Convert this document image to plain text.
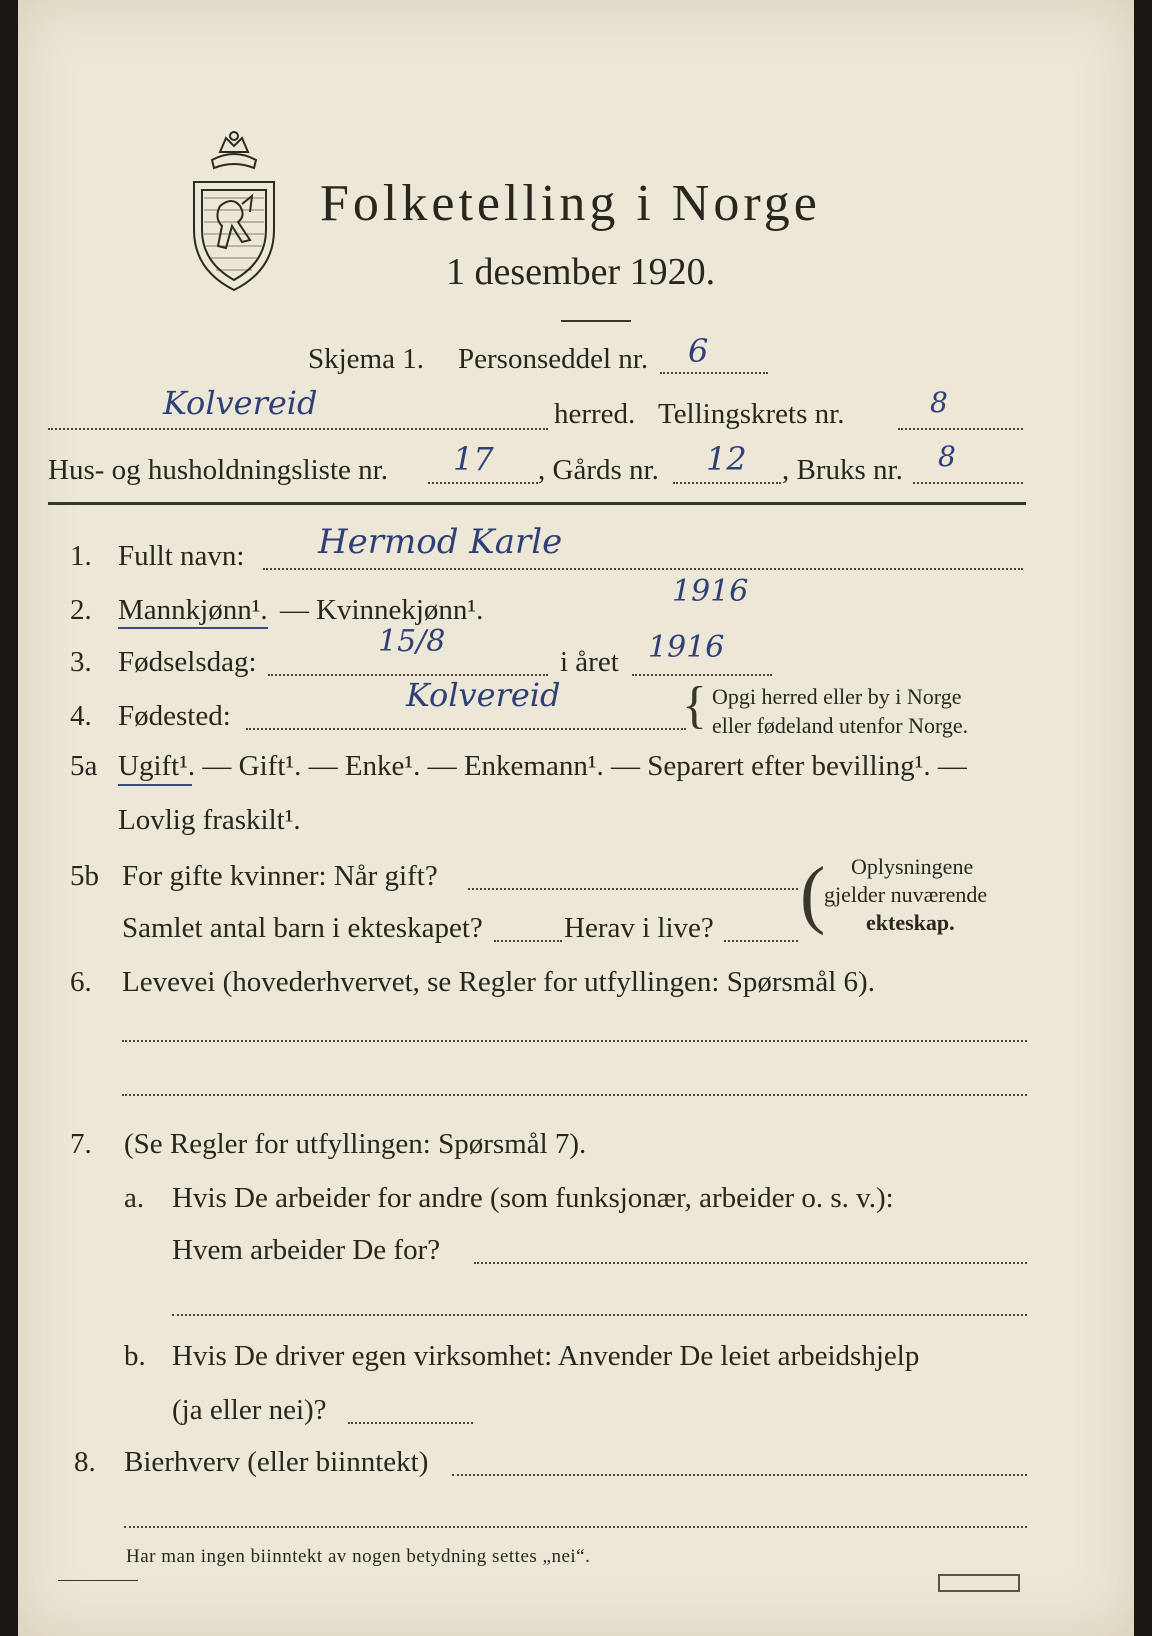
Folketelling i Norge
1 desember 1920.
Skjema 1. Personseddel nr. 6
Kolvereid	herred. Tellingskrets nr.	8
Hus- og husholdningsliste nr. 17 , Gårds nr. 12 , Bruks nr. 8
1. Fullt navn: Hermod Karle
2. Mannkjønn¹. — Kvinnekjønn¹.
1916
3. Fødselsdag:
15/8
i året 1916
4. Fødested:
Kolvereid { Opgi herred eller by i Norge
eller fødeland utenfor Norge.
5a Ugift¹. — Gift¹. — Enke¹. — Enkemann¹. — Separert efter bevilling¹. —
Lovlig fraskilt¹.
5b For gifte kvinner: Når gift?
Samlet antal barn i ekteskapet?	Herav i live? ( Oplysningene
gjelder nuværende
ekteskap.
6. Levevei (hovederhvervet, se Regler for utfyllingen: Spørsmål 6).
7. (Se Regler for utfyllingen: Spørsmål 7).
a. Hvis De arbeider for andre (som funksjonær, arbeider o. s. v.):
Hvem arbeider De for?
b. Hvis De driver egen virksomhet: Anvender De leiet arbeidshjelp
(ja eller nei)?
8. Bierhverv (eller biinntekt)
Har man ingen biinntekt av nogen betydning settes „nei“.
